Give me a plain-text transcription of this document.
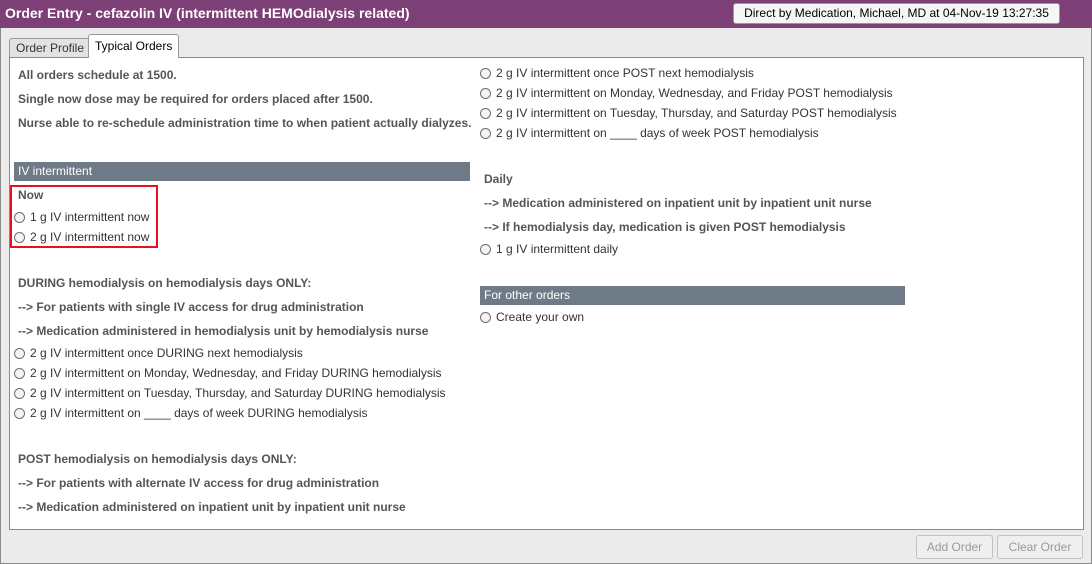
Order Entry - cefazolin IV (intermittent HEMOdialysis related)	Direct by Medication, Michael, MD at 04-Nov-19 13:27:35
Order Profile Typical Orders
All orders schedule at 1500.
Single now dose may be required for orders placed after 1500.
Nurse able to re-schedule administration time to when patient actually dialyzes.
IV intermittent
Now
1 g IV intermittent now
2 g IV intermittent now
DURING hemodialysis on hemodialysis days ONLY:
--> For patients with single IV access for drug administration
--> Medication administered in hemodialysis unit by hemodialysis nurse
2 g IV intermittent once DURING next hemodialysis
2 g IV intermittent on Monday, Wednesday, and Friday DURING hemodialysis
2 g IV intermittent on Tuesday, Thursday, and Saturday DURING hemodialysis
2 g IV intermittent on ____ days of week DURING hemodialysis
POST hemodialysis on hemodialysis days ONLY:
--> For patients with alternate IV access for drug administration
--> Medication administered on inpatient unit by inpatient unit nurse
2 g IV intermittent once POST next hemodialysis
2 g IV intermittent on Monday, Wednesday, and Friday POST hemodialysis
2 g IV intermittent on Tuesday, Thursday, and Saturday POST hemodialysis
2 g IV intermittent on ____ days of week POST hemodialysis
Daily
--> Medication administered on inpatient unit by inpatient unit nurse
--> If hemodialysis day, medication is given POST hemodialysis
1 g IV intermittent daily
For other orders
Create your own
Add Order	Clear Order
